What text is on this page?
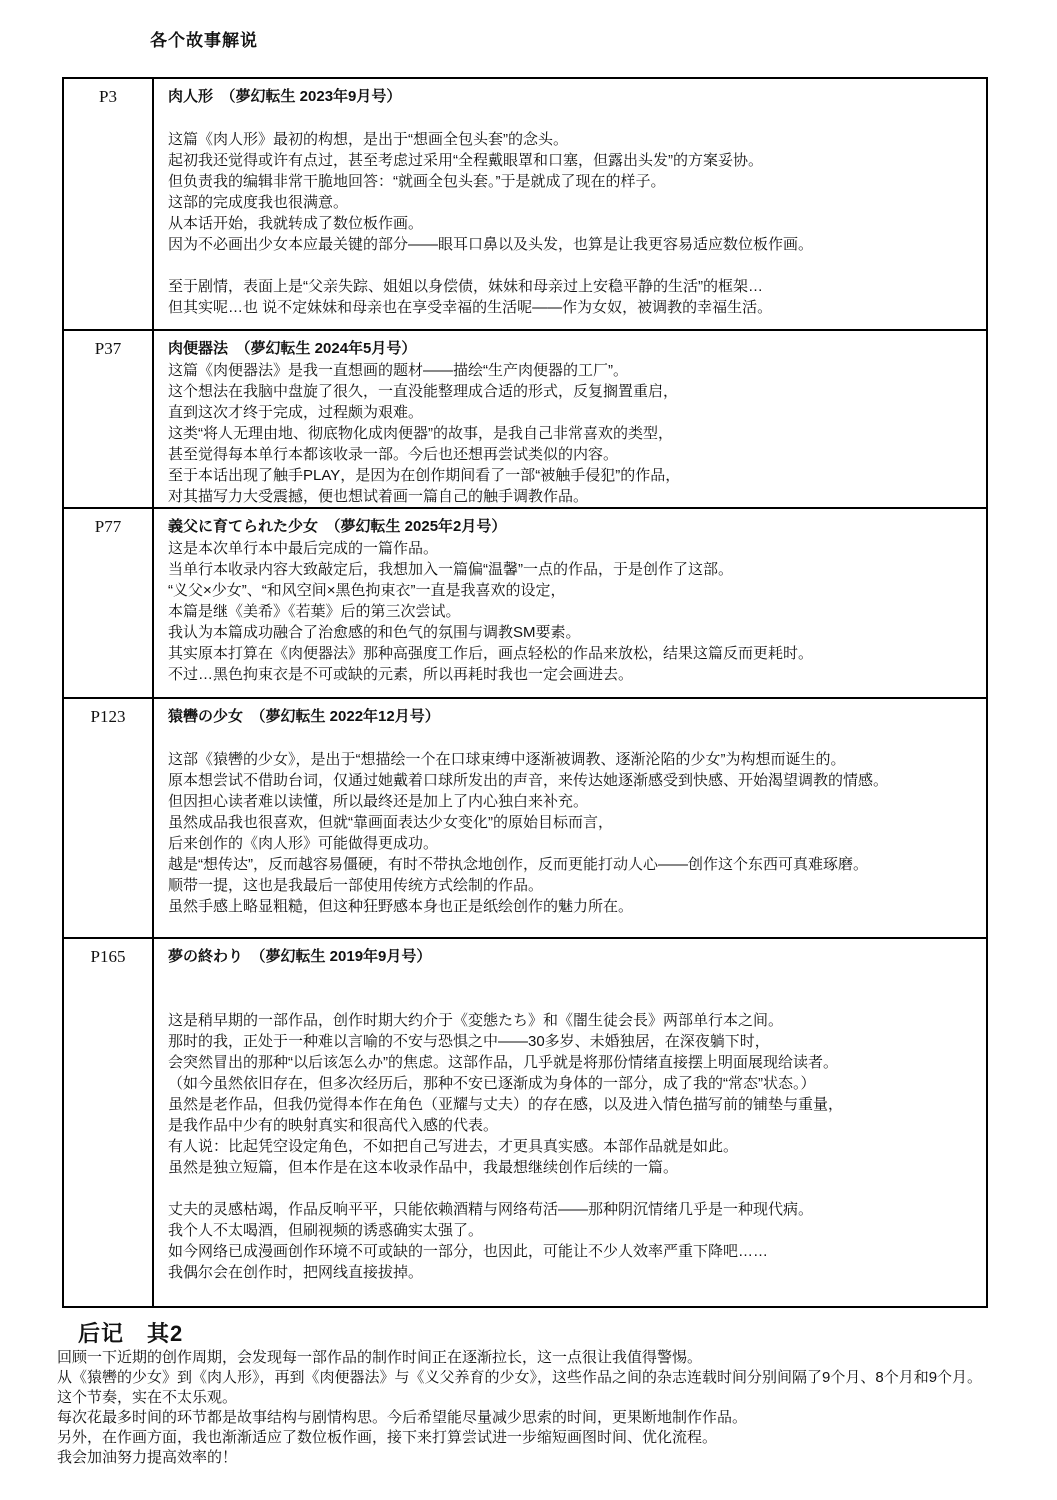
各个故事解说
P3	肉人形　（夢幻転生 2023年9月号）

这篇《肉人形》最初的构想，是出于“想画全包头套”的念头。
起初我还觉得或许有点过，甚至考虑过采用“全程戴眼罩和口塞，但露出头发”的方案妥协。
但负责我的编辑非常干脆地回答：“就画全包头套。”于是就成了现在的样子。
这部的完成度我也很满意。
从本话开始，我就转成了数位板作画。
因为不必画出少女本应最关键的部分——眼耳口鼻以及头发，也算是让我更容易适应数位板作画。

至于剧情，表面上是“父亲失踪、姐姐以身偿债，妹妹和母亲过上安稳平静的生活”的框架…
但其实呢…也 说不定妹妹和母亲也在享受幸福的生活呢——作为女奴，被调教的幸福生活。
P37	肉便器法　（夢幻転生 2024年5月号）
这篇《肉便器法》是我一直想画的题材——描绘“生产肉便器的工厂”。
这个想法在我脑中盘旋了很久，一直没能整理成合适的形式，反复搁置重启，
直到这次才终于完成，过程颇为艰难。
这类“将人无理由地、彻底物化成肉便器”的故事，是我自己非常喜欢的类型，
甚至觉得每本单行本都该收录一部。今后也还想再尝试类似的内容。
至于本话出现了触手PLAY，是因为在创作期间看了一部“被触手侵犯”的作品，
对其描写力大受震撼，便也想试着画一篇自己的触手调教作品。
P77	義父に育てられた少女　（夢幻転生 2025年2月号）
这是本次单行本中最后完成的一篇作品。
当单行本收录内容大致敲定后，我想加入一篇偏“温馨”一点的作品，于是创作了这部。
“义父×少女”、“和风空间×黑色拘束衣”一直是我喜欢的设定，
本篇是继《美希》《若葉》后的第三次尝试。
我认为本篇成功融合了治愈感的和色气的氛围与调教SM要素。
其实原本打算在《肉便器法》那种高强度工作后，画点轻松的作品来放松，结果这篇反而更耗时。
不过…黑色拘束衣是不可或缺的元素，所以再耗时我也一定会画进去。
P123	猿轡の少女　（夢幻転生 2022年12月号）

这部《猿轡的少女》，是出于“想描绘一个在口球束缚中逐渐被调教、逐渐沦陷的少女”为构想而诞生的。
原本想尝试不借助台词，仅通过她戴着口球所发出的声音，来传达她逐渐感受到快感、开始渴望调教的情感。
但因担心读者难以读懂，所以最终还是加上了内心独白来补充。
虽然成品我也很喜欢，但就“靠画面表达少女变化”的原始目标而言，
后来创作的《肉人形》可能做得更成功。
越是“想传达”，反而越容易僵硬，有时不带执念地创作，反而更能打动人心——创作这个东西可真难琢磨。
顺带一提，这也是我最后一部使用传统方式绘制的作品。
虽然手感上略显粗糙，但这种狂野感本身也正是纸绘创作的魅力所在。
P165	夢の終わり　（夢幻転生 2019年9月号）

这是稍早期的一部作品，创作时期大约介于《変態たち》和《闇生徒会長》两部单行本之间。
那时的我，正处于一种难以言喻的不安与恐惧之中——30多岁、未婚独居，在深夜躺下时，
会突然冒出的那种“以后该怎么办”的焦虑。这部作品，几乎就是将那份情绪直接摆上明面展现给读者。
（如今虽然依旧存在，但多次经历后，那种不安已逐渐成为身体的一部分，成了我的“常态”状态。）
虽然是老作品，但我仍觉得本作在角色（亚耀与丈夫）的存在感，以及进入情色描写前的铺垫与重量，
是我作品中少有的映射真实和很高代入感的代表。
有人说：比起凭空设定角色，不如把自己写进去，才更具真实感。本部作品就是如此。
虽然是独立短篇，但本作是在这本收录作品中，我最想继续创作后续的一篇。

丈夫的灵感枯竭，作品反响平平，只能依赖酒精与网络苟活——那种阴沉情绪几乎是一种现代病。
我个人不太喝酒，但刷视频的诱惑确实太强了。
如今网络已成漫画创作环境不可或缺的一部分，也因此，可能让不少人效率严重下降吧……
我偶尔会在创作时，把网线直接拔掉。
后记　其2
回顾一下近期的创作周期，会发现每一部作品的制作时间正在逐渐拉长，这一点很让我值得警惕。
从《猿轡的少女》到《肉人形》，再到《肉便器法》与《义父养育的少女》，这些作品之间的杂志连载时间分别间隔了9个月、8个月和9个月。
这个节奏，实在不太乐观。
每次花最多时间的环节都是故事结构与剧情构思。今后希望能尽量减少思索的时间，更果断地制作作品。
另外，在作画方面，我也渐渐适应了数位板作画，接下来打算尝试进一步缩短画图时间、优化流程。
我会加油努力提高效率的！
